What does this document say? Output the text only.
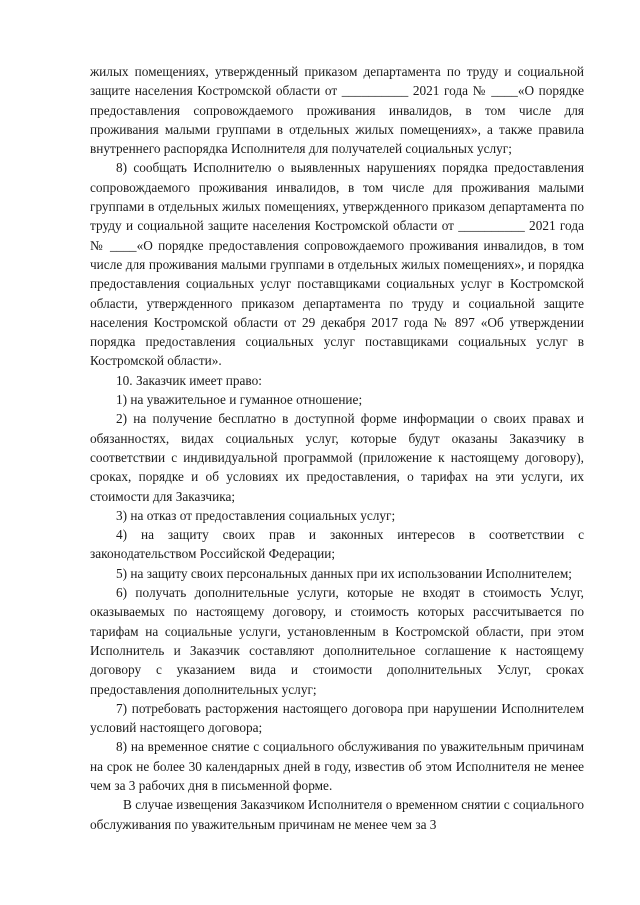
жилых помещениях, утвержденный приказом департамента по труду и социальной защите населения Костромской области от __________ 2021 года № ____«О порядке предоставления сопровождаемого проживания инвалидов, в том числе для проживания малыми группами в отдельных жилых помещениях», а также правила внутреннего распорядка Исполнителя для получателей социальных услуг;

8) сообщать Исполнителю о выявленных нарушениях порядка предоставления сопровождаемого проживания инвалидов, в том числе для проживания малыми группами в отдельных жилых помещениях, утвержденного приказом департамента по труду и социальной защите населения Костромской области от __________ 2021 года № ____«О порядке предоставления сопровождаемого проживания инвалидов, в том числе для проживания малыми группами в отдельных жилых помещениях», и порядка предоставления социальных услуг поставщиками социальных услуг в Костромской области, утвержденного приказом департамента по труду и социальной защите населения Костромской области от 29 декабря 2017 года № 897 «Об утверждении порядка предоставления социальных услуг поставщиками социальных услуг в Костромской области».

10. Заказчик имеет право:

1) на уважительное и гуманное отношение;

2) на получение бесплатно в доступной форме информации о своих правах и обязанностях, видах социальных услуг, которые будут оказаны Заказчику в соответствии с индивидуальной программой (приложение к настоящему договору), сроках, порядке и об условиях их предоставления, о тарифах на эти услуги, их стоимости для Заказчика;

3) на отказ от предоставления социальных услуг;

4) на защиту своих прав и законных интересов в соответствии с законодательством Российской Федерации;

5) на защиту своих персональных данных при их использовании Исполнителем;

6) получать дополнительные услуги, которые не входят в стоимость Услуг, оказываемых по настоящему договору, и стоимость которых рассчитывается по тарифам на социальные услуги, установленным в Костромской области, при этом Исполнитель и Заказчик составляют дополнительное соглашение к настоящему договору с указанием вида и стоимости дополнительных Услуг, сроках предоставления дополнительных услуг;

7) потребовать расторжения настоящего договора при нарушении Исполнителем условий настоящего договора;

8) на временное снятие с социального обслуживания по уважительным причинам на срок не более 30 календарных дней в году, известив об этом Исполнителя не менее чем за 3 рабочих дня в письменной форме.

В случае извещения Заказчиком Исполнителя о временном снятии с социального обслуживания по уважительным причинам не менее чем за 3
